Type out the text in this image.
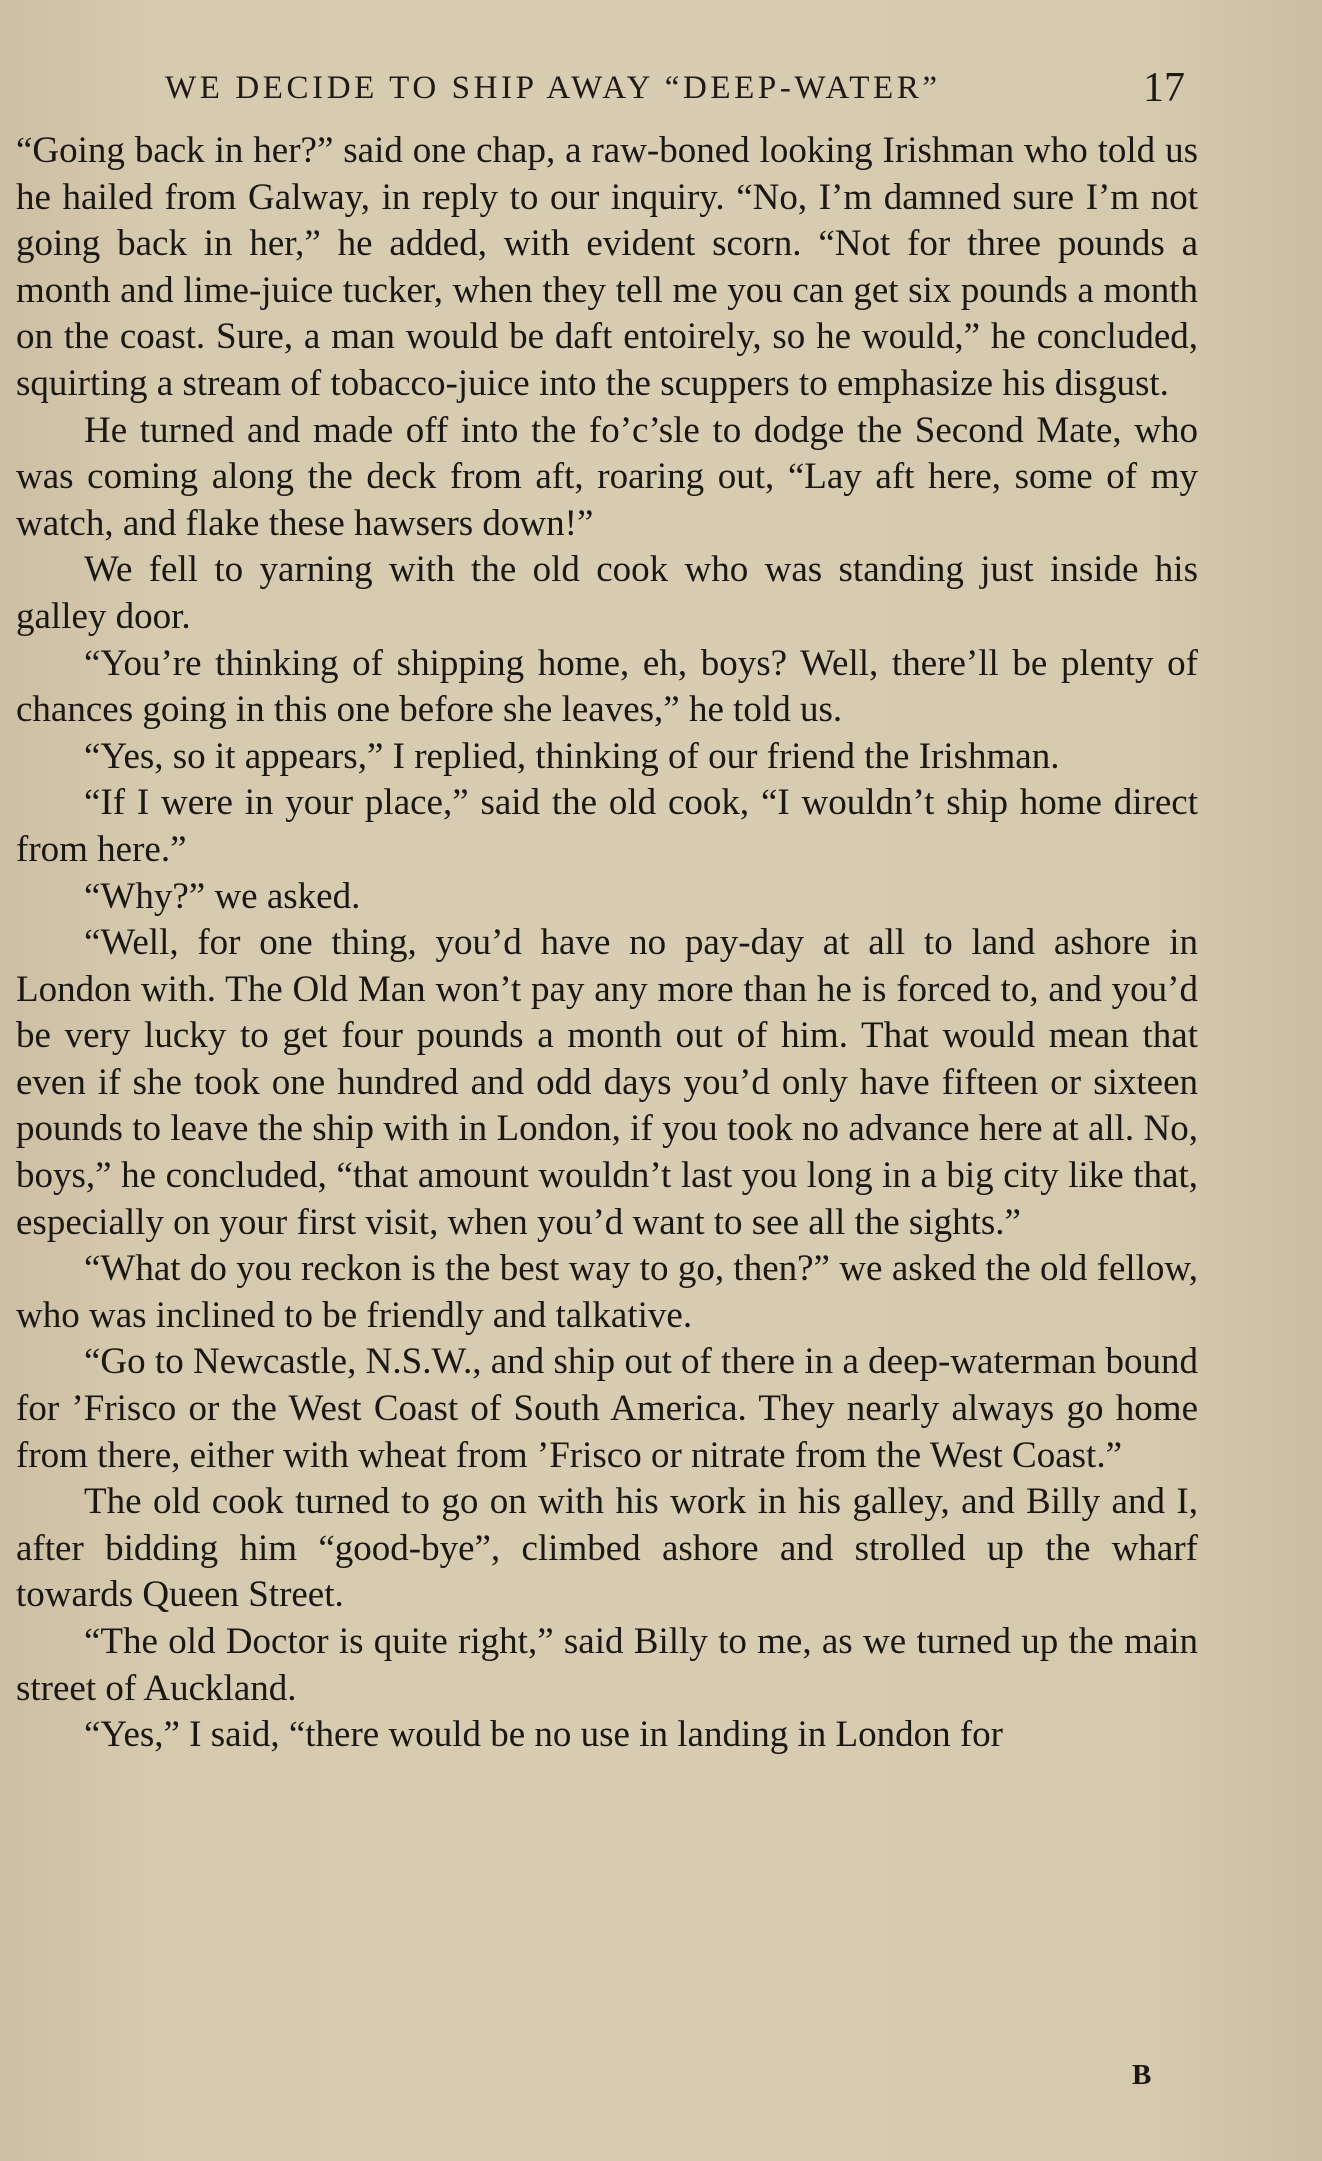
WE DECIDE TO SHIP AWAY “DEEP-WATER”	17

“Going back in her?” said one chap, a raw-boned looking Irishman who told us he hailed from Galway, in reply to our inquiry. “No, I’m damned sure I’m not going back in her,” he added, with evident scorn. “Not for three pounds a month and lime-juice tucker, when they tell me you can get six pounds a month on the coast. Sure, a man would be daft entoirely, so he would,” he concluded, squirting a stream of tobacco-juice into the scuppers to emphasize his disgust.

He turned and made off into the fo’c’sle to dodge the Second Mate, who was coming along the deck from aft, roaring out, “Lay aft here, some of my watch, and flake these hawsers down!”

We fell to yarning with the old cook who was standing just inside his galley door.

“You’re thinking of shipping home, eh, boys? Well, there’ll be plenty of chances going in this one before she leaves,” he told us.

“Yes, so it appears,” I replied, thinking of our friend the Irishman.

“If I were in your place,” said the old cook, “I wouldn’t ship home direct from here.”

“Why?” we asked.

“Well, for one thing, you’d have no pay-day at all to land ashore in London with. The Old Man won’t pay any more than he is forced to, and you’d be very lucky to get four pounds a month out of him. That would mean that even if she took one hundred and odd days you’d only have fifteen or sixteen pounds to leave the ship with in London, if you took no advance here at all. No, boys,” he concluded, “that amount wouldn’t last you long in a big city like that, especially on your first visit, when you’d want to see all the sights.”

“What do you reckon is the best way to go, then?” we asked the old fellow, who was inclined to be friendly and talkative.

“Go to Newcastle, N.S.W., and ship out of there in a deep-waterman bound for ’Frisco or the West Coast of South America. They nearly always go home from there, either with wheat from ’Frisco or nitrate from the West Coast.”

The old cook turned to go on with his work in his galley, and Billy and I, after bidding him “good-bye”, climbed ashore and strolled up the wharf towards Queen Street.

“The old Doctor is quite right,” said Billy to me, as we turned up the main street of Auckland.

“Yes,” I said, “there would be no use in landing in London for

B
